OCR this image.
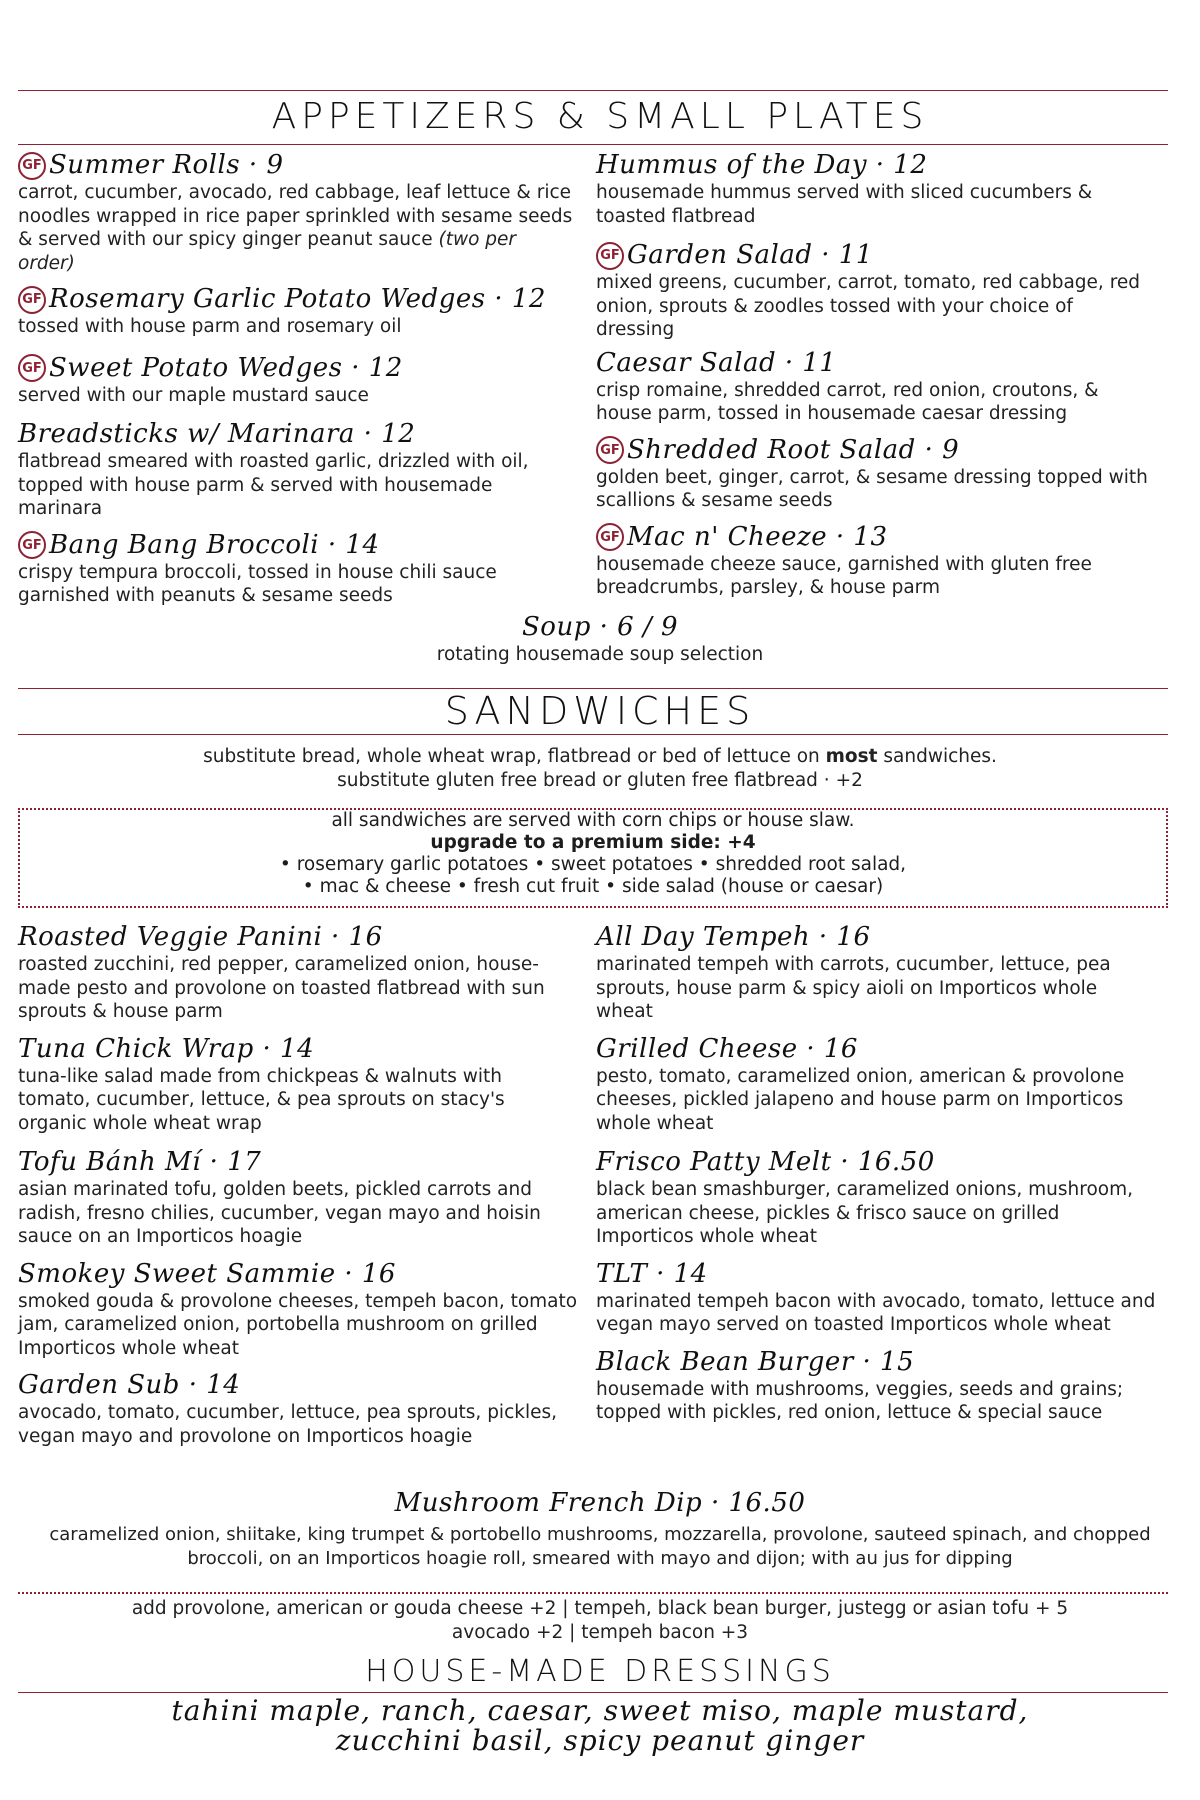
APPETIZERS & SMALL PLATES
GF Summer Rolls · 9
carrot, cucumber, avocado, red cabbage, leaf lettuce & rice noodles wrapped in rice paper sprinkled with sesame seeds & served with our spicy ginger peanut sauce (two per order)
GF Rosemary Garlic Potato Wedges · 12
tossed with house parm and rosemary oil
GF Sweet Potato Wedges · 12
served with our maple mustard sauce
Breadsticks w/ Marinara · 12
flatbread smeared with roasted garlic, drizzled with oil, topped with house parm & served with housemade marinara
GF Bang Bang Broccoli · 14
crispy tempura broccoli, tossed in house chili sauce garnished with peanuts & sesame seeds
Hummus of the Day · 12
housemade hummus served with sliced cucumbers & toasted flatbread
GF Garden Salad · 11
mixed greens, cucumber, carrot, tomato, red cabbage, red onion, sprouts & zoodles tossed with your choice of dressing
Caesar Salad · 11
crisp romaine, shredded carrot, red onion, croutons, & house parm, tossed in housemade caesar dressing
GF Shredded Root Salad · 9
golden beet, ginger, carrot, & sesame dressing topped with scallions & sesame seeds
GF Mac n' Cheeze · 13
housemade cheeze sauce, garnished with gluten free breadcrumbs, parsley, & house parm
Soup · 6 / 9
rotating housemade soup selection
SANDWICHES
substitute bread, whole wheat wrap, flatbread or bed of lettuce on most sandwiches.
substitute gluten free bread or gluten free flatbread · +2
all sandwiches are served with corn chips or house slaw.
upgrade to a premium side: +4
• rosemary garlic potatoes • sweet potatoes • shredded root salad,
• mac & cheese • fresh cut fruit • side salad (house or caesar)
Roasted Veggie Panini · 16
roasted zucchini, red pepper, caramelized onion, house-made pesto and provolone on toasted flatbread with sun sprouts & house parm
Tuna Chick Wrap · 14
tuna-like salad made from chickpeas & walnuts with tomato, cucumber, lettuce, & pea sprouts on stacy's organic whole wheat wrap
Tofu Bánh Mí · 17
asian marinated tofu, golden beets, pickled carrots and radish, fresno chilies, cucumber, vegan mayo and hoisin sauce on an Importicos hoagie
Smokey Sweet Sammie · 16
smoked gouda & provolone cheeses, tempeh bacon, tomato jam, caramelized onion, portobella mushroom on grilled Importicos whole wheat
Garden Sub · 14
avocado, tomato, cucumber, lettuce, pea sprouts, pickles, vegan mayo and provolone on Importicos hoagie
All Day Tempeh · 16
marinated tempeh with carrots, cucumber, lettuce, pea sprouts, house parm & spicy aioli on Importicos whole wheat
Grilled Cheese · 16
pesto, tomato, caramelized onion, american & provolone cheeses, pickled jalapeno and house parm on Importicos whole wheat
Frisco Patty Melt · 16.50
black bean smashburger, caramelized onions, mushroom, american cheese, pickles & frisco sauce on grilled Importicos whole wheat
TLT · 14
marinated tempeh bacon with avocado, tomato, lettuce and vegan mayo served on toasted Importicos whole wheat
Black Bean Burger · 15
housemade with mushrooms, veggies, seeds and grains; topped with pickles, red onion, lettuce & special sauce
Mushroom French Dip · 16.50
caramelized onion, shiitake, king trumpet & portobello mushrooms, mozzarella, provolone, sauteed spinach, and chopped broccoli, on an Importicos hoagie roll, smeared with mayo and dijon; with au jus for dipping
add provolone, american or gouda cheese +2 | tempeh, black bean burger, justegg or asian tofu + 5
avocado +2 | tempeh bacon +3
HOUSE-MADE DRESSINGS
tahini maple, ranch, caesar, sweet miso, maple mustard,
zucchini basil, spicy peanut ginger
